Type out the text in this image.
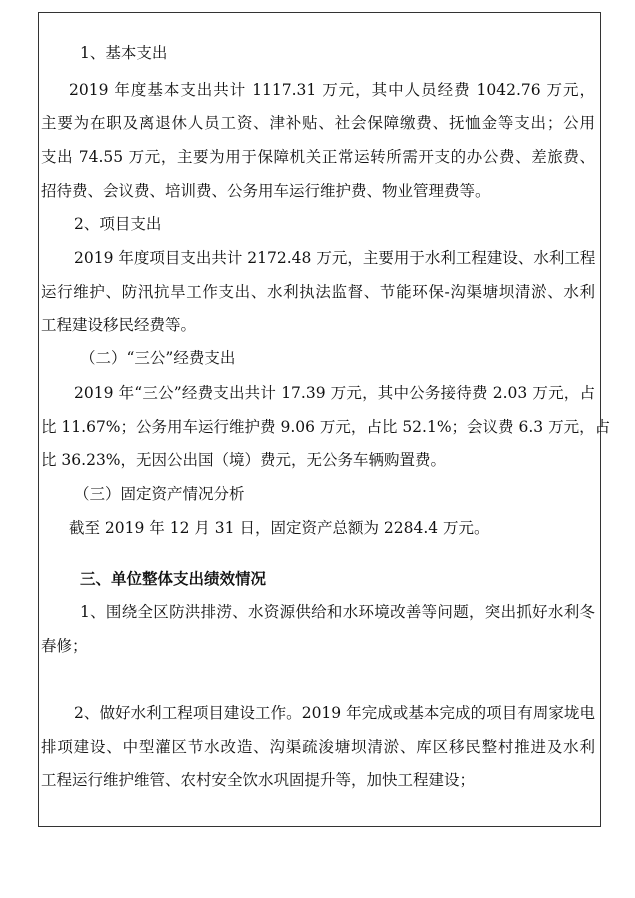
1、基本支出
2019 年度基本支出共计 1117.31 万元，其中人员经费 1042.76 万元，
主要为在职及离退休人员工资、津补贴、社会保障缴费、抚恤金等支出；公用
支出 74.55 万元，主要为用于保障机关正常运转所需开支的办公费、差旅费、
招待费、会议费、培训费、公务用车运行维护费、物业管理费等。
2、项目支出
2019 年度项目支出共计 2172.48 万元，主要用于水利工程建设、水利工程
运行维护、防汛抗旱工作支出、水利执法监督、节能环保-沟渠塘坝清淤、水利
工程建设移民经费等。
（二）“三公”经费支出
2019 年“三公”经费支出共计 17.39 万元，其中公务接待费 2.03 万元，占
比 11.67%；公务用车运行维护费 9.06 万元，占比 52.1%；会议费 6.3 万元，占
比 36.23%，无因公出国（境）费元，无公务车辆购置费。
（三）固定资产情况分析
截至 2019 年 12 月 31 日，固定资产总额为 2284.4 万元。
三、单位整体支出绩效情况
1、围绕全区防洪排涝、水资源供给和水环境改善等问题，突出抓好水利冬
春修；
2、做好水利工程项目建设工作。2019 年完成或基本完成的项目有周家垅电
排项建设、中型灌区节水改造、沟渠疏浚塘坝清淤、库区移民整村推进及水利
工程运行维护维管、农村安全饮水巩固提升等，加快工程建设；
